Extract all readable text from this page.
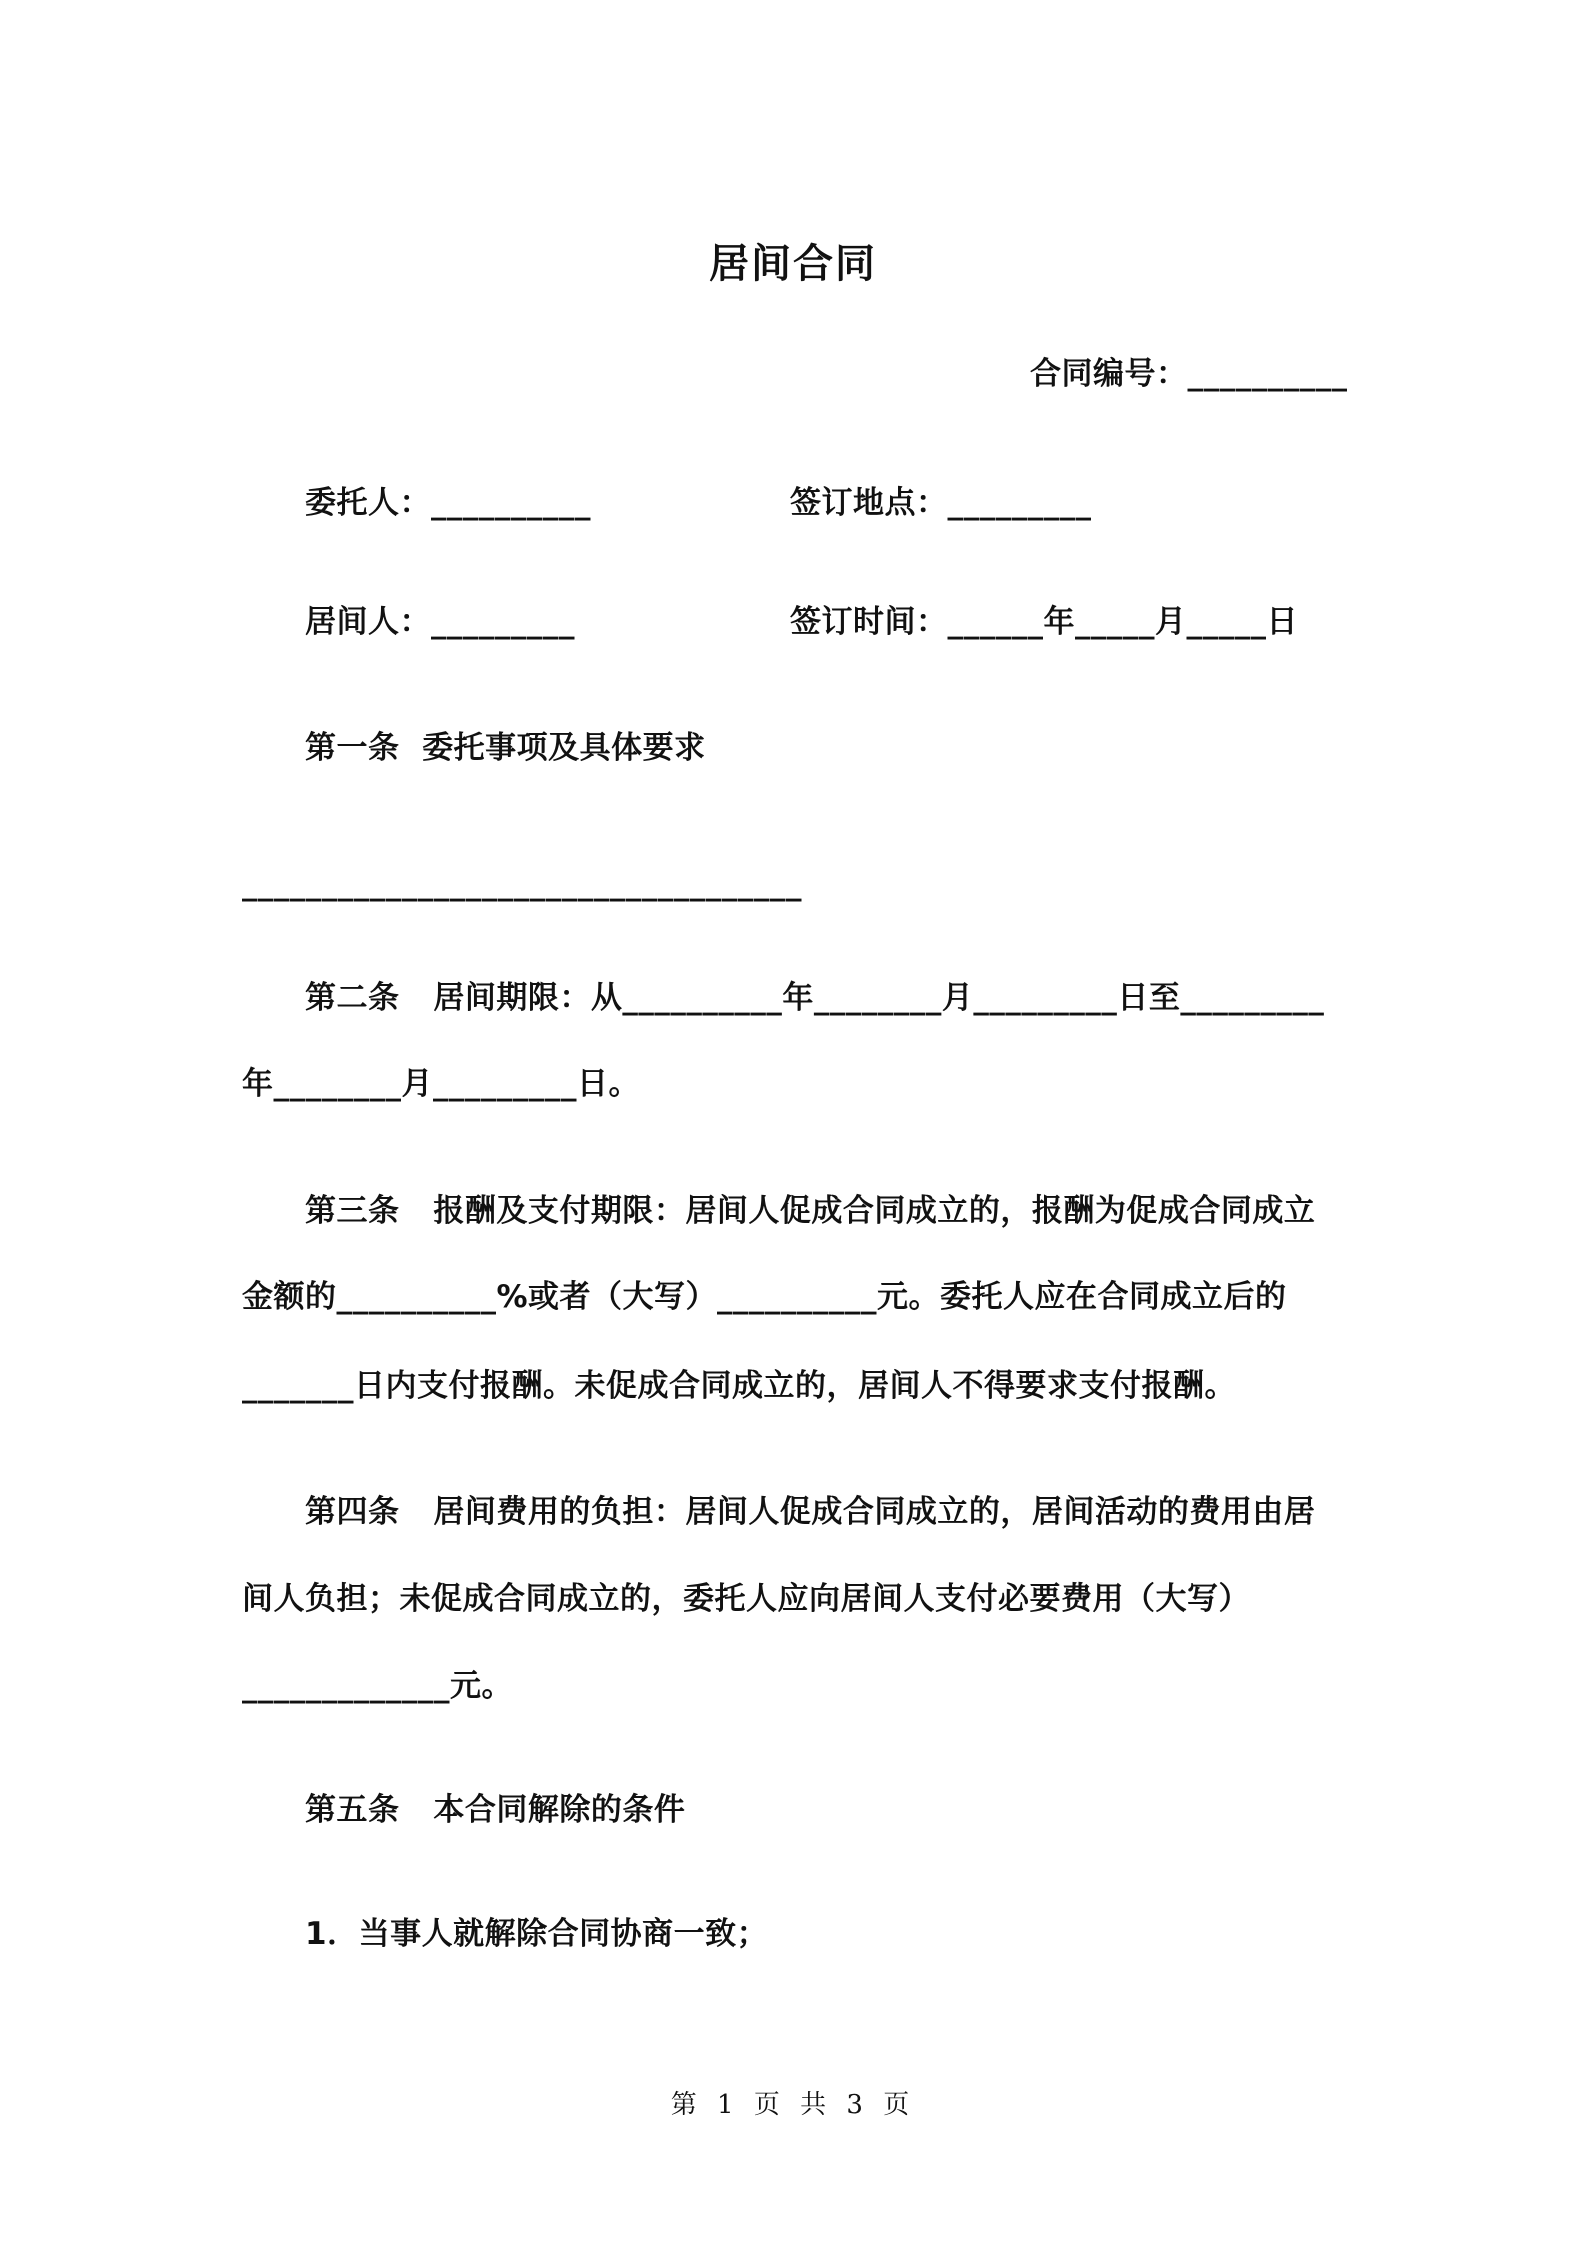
居间合同
合同编号：__________
委托人：__________	签订地点：_________
居间人：_________	签订时间：______年_____月_____日
第一条  委托事项及具体要求
___________________________________
第二条   居间期限：从__________年________月_________日至_________
年________月_________日。
第三条   报酬及支付期限：居间人促成合同成立的，报酬为促成合同成立
金额的__________%或者（大写）__________元。委托人应在合同成立后的
_______日内支付报酬。未促成合同成立的，居间人不得要求支付报酬。
第四条   居间费用的负担：居间人促成合同成立的，居间活动的费用由居
间人负担；未促成合同成立的，委托人应向居间人支付必要费用（大写）
_____________元。
第五条   本合同解除的条件
1．当事人就解除合同协商一致；
第 1 页 共 3 页
